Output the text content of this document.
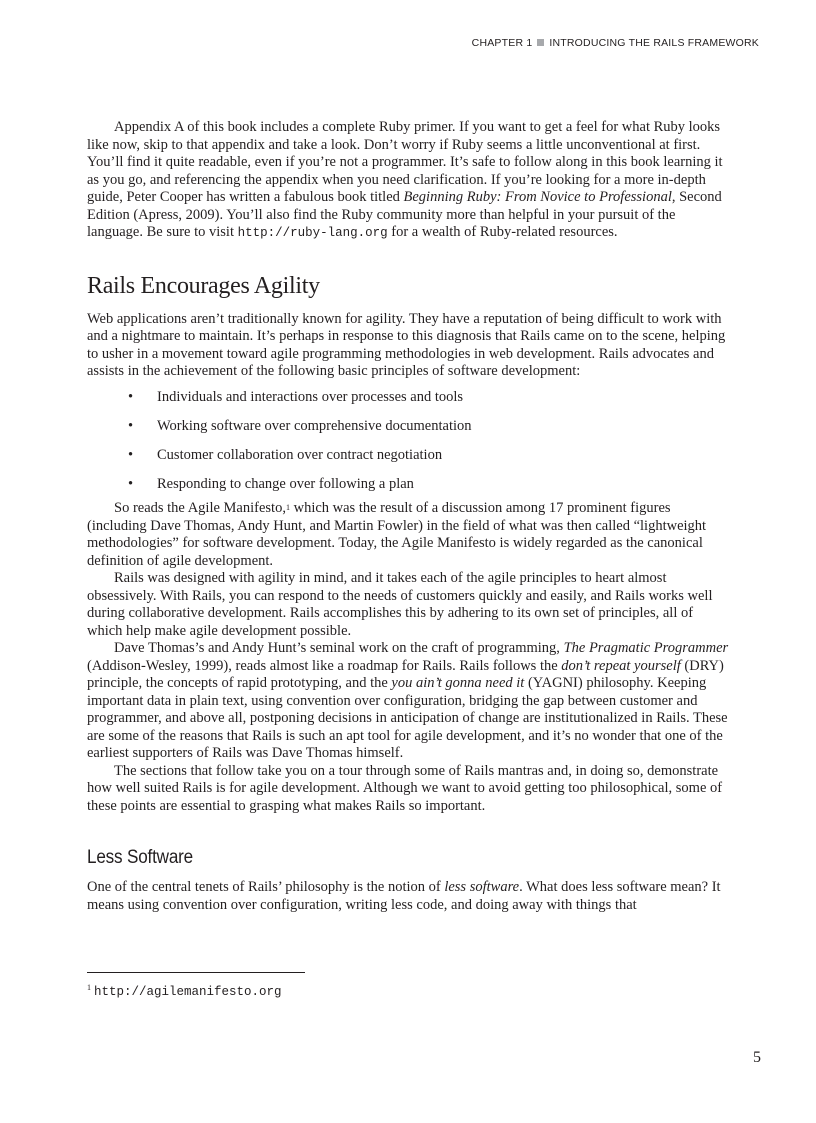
CHAPTER 1 INTRODUCING THE RAILS FRAMEWORK

Appendix A of this book includes a complete Ruby primer. If you want to get a feel for what Ruby looks like now, skip to that appendix and take a look. Don’t worry if Ruby seems a little unconventional at first. You’ll find it quite readable, even if you’re not a programmer. It’s safe to follow along in this book learning it as you go, and referencing the appendix when you need clarification. If you’re looking for a more in-depth guide, Peter Cooper has written a fabulous book titled Beginning Ruby: From Novice to Professional, Second Edition (Apress, 2009). You’ll also find the Ruby community more than helpful in your pursuit of the language. Be sure to visit http://ruby-lang.org for a wealth of Ruby-related resources.

Rails Encourages Agility

Web applications aren’t traditionally known for agility. They have a reputation of being difficult to work with and a nightmare to maintain. It’s perhaps in response to this diagnosis that Rails came on to the scene, helping to usher in a movement toward agile programming methodologies in web development. Rails advocates and assists in the achievement of the following basic principles of software development:

• Individuals and interactions over processes and tools
• Working software over comprehensive documentation
• Customer collaboration over contract negotiation
• Responding to change over following a plan

So reads the Agile Manifesto,$^1$ which was the result of a discussion among 17 prominent figures (including Dave Thomas, Andy Hunt, and Martin Fowler) in the field of what was then called “lightweight methodologies” for software development. Today, the Agile Manifesto is widely regarded as the canonical definition of agile development.

Rails was designed with agility in mind, and it takes each of the agile principles to heart almost obsessively. With Rails, you can respond to the needs of customers quickly and easily, and Rails works well during collaborative development. Rails accomplishes this by adhering to its own set of principles, all of which help make agile development possible.

Dave Thomas’s and Andy Hunt’s seminal work on the craft of programming, The Pragmatic Programmer (Addison-Wesley, 1999), reads almost like a roadmap for Rails. Rails follows the don’t repeat yourself (DRY) principle, the concepts of rapid prototyping, and the you ain’t gonna need it (YAGNI) philosophy. Keeping important data in plain text, using convention over configuration, bridging the gap between customer and programmer, and above all, postponing decisions in anticipation of change are institutionalized in Rails. These are some of the reasons that Rails is such an apt tool for agile development, and it’s no wonder that one of the earliest supporters of Rails was Dave Thomas himself.

The sections that follow take you on a tour through some of Rails mantras and, in doing so, demonstrate how well suited Rails is for agile development. Although we want to avoid getting too philosophical, some of these points are essential to grasping what makes Rails so important.

Less Software

One of the central tenets of Rails’ philosophy is the notion of less software. What does less software mean? It means using convention over configuration, writing less code, and doing away with things that

$^1$ http://agilemanifesto.org
5
